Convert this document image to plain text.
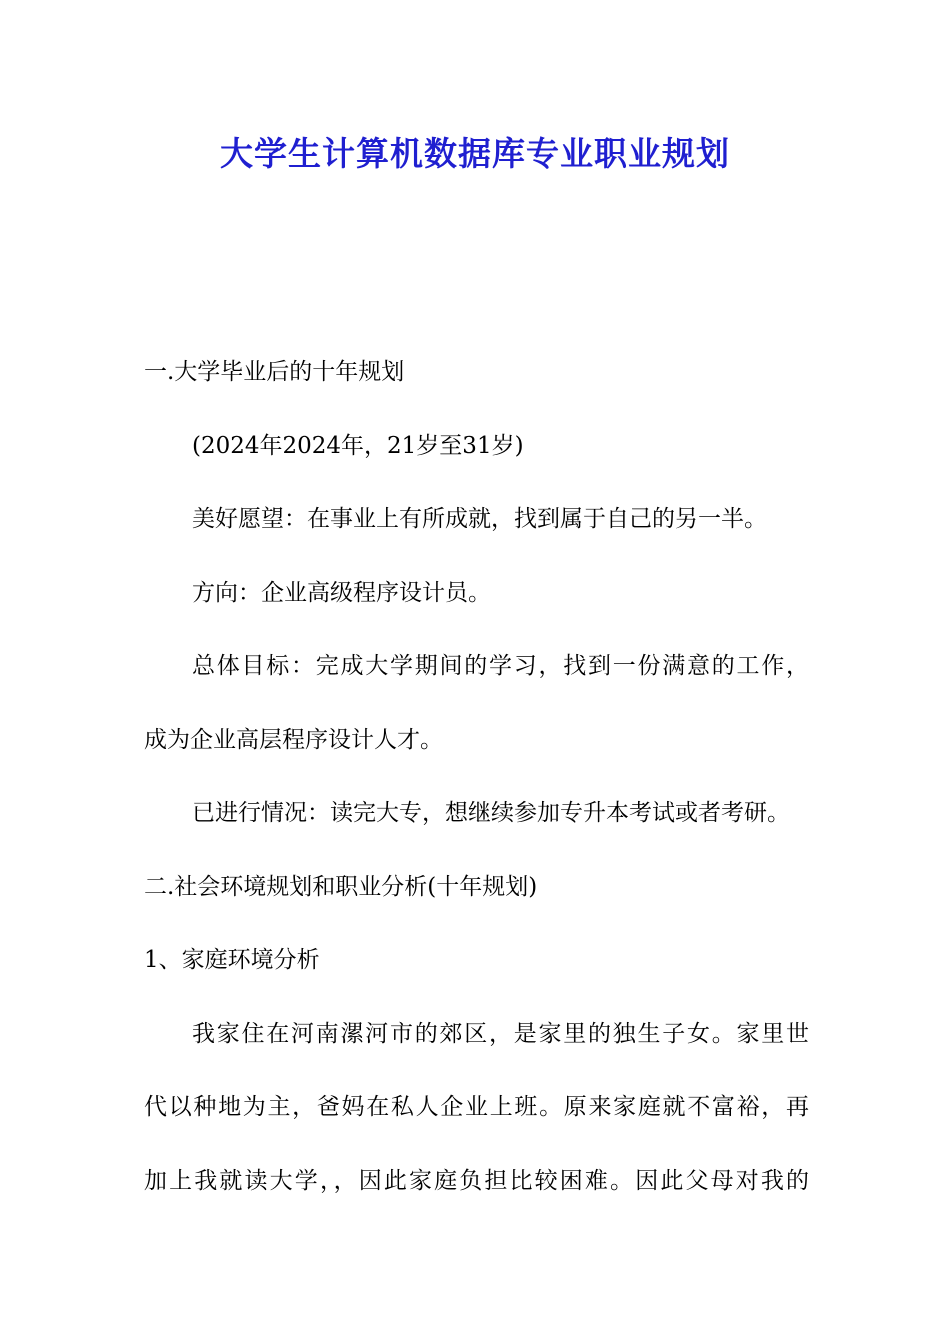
大学生计算机数据库专业职业规划
一.大学毕业后的十年规划
(2024年2024年，21岁至31岁)
美好愿望：在事业上有所成就，找到属于自己的另一半。
方向：企业高级程序设计员。
总体目标：完成大学期间的学习，找到一份满意的工作，
成为企业高层程序设计人才。
已进行情况：读完大专，想继续参加专升本考试或者考研。
二.社会环境规划和职业分析(十年规划)
1、家庭环境分析
我家住在河南漯河市的郊区，是家里的独生子女。家里世
代以种地为主，爸妈在私人企业上班。原来家庭就不富裕，再
加上我就读大学，，因此家庭负担比较困难。因此父母对我的
